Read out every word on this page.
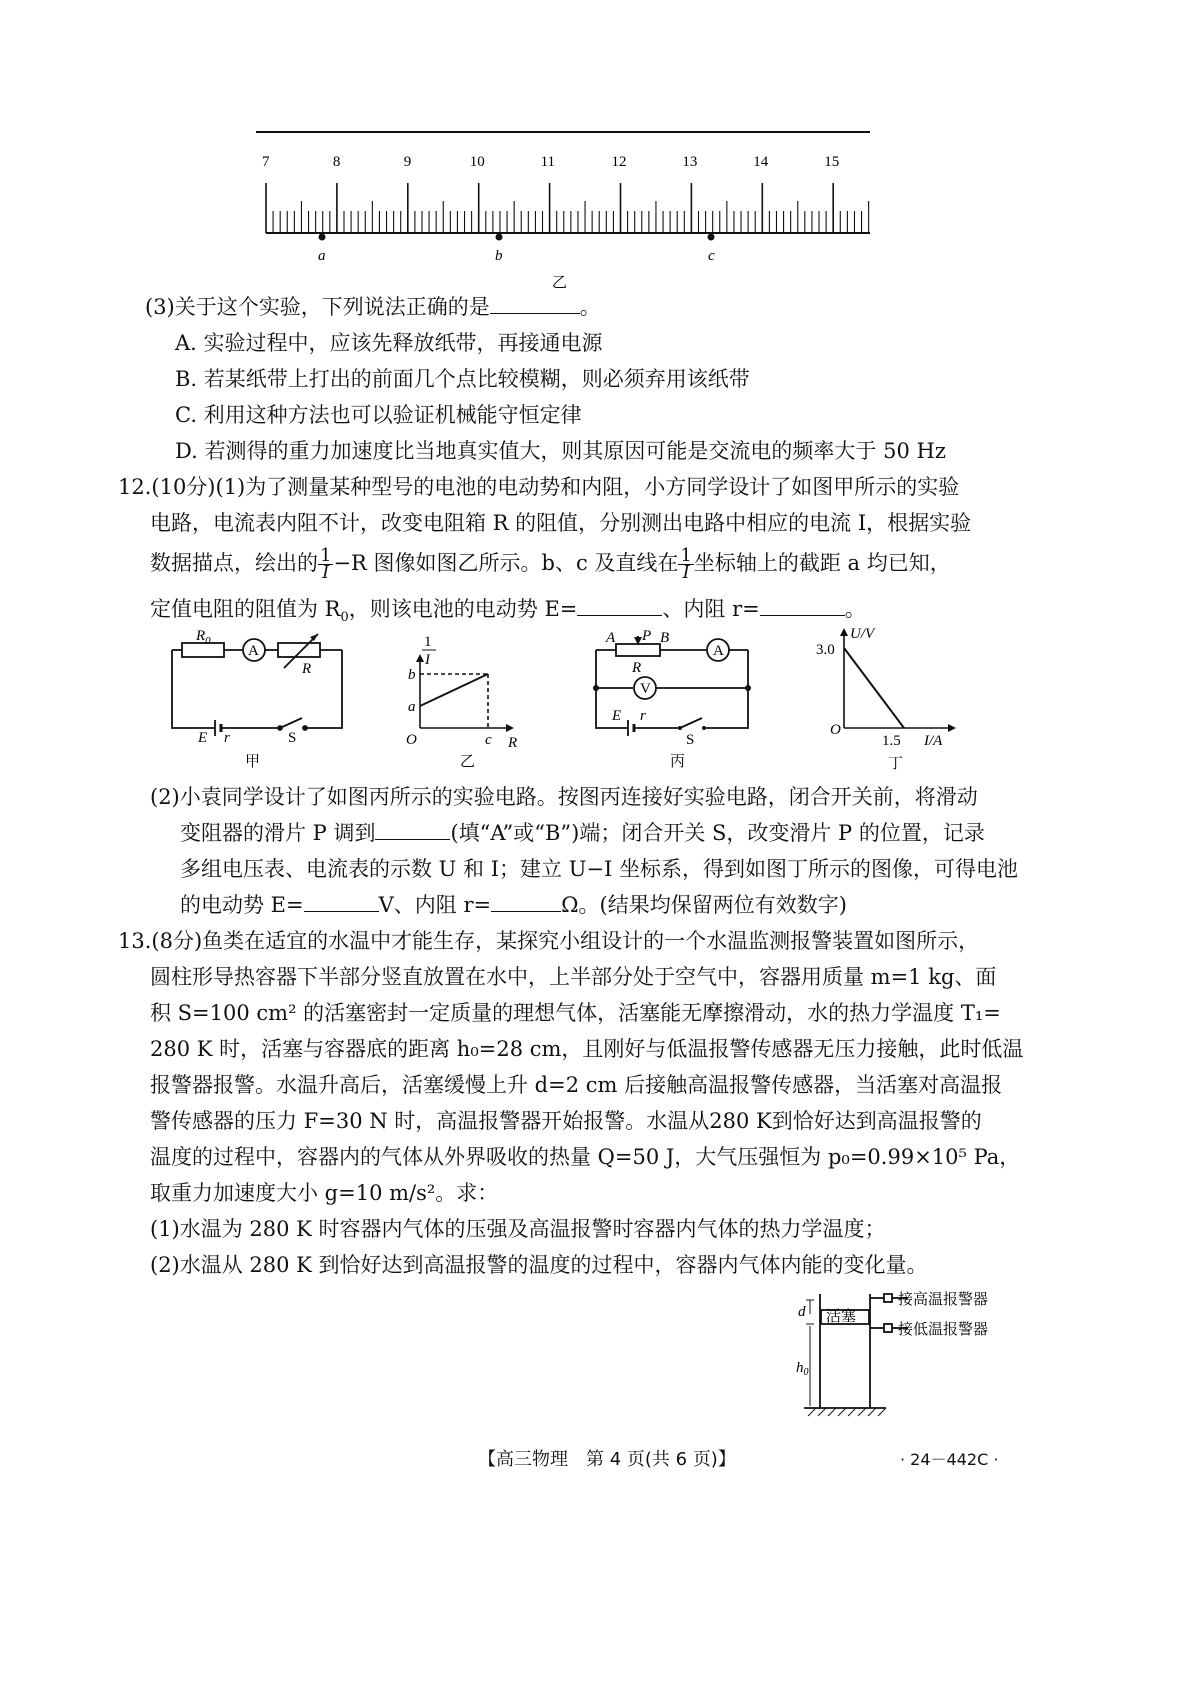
7	8	9	10	11	12	13	14	15
a	b	c
乙
(3)关于这个实验，下列说法正确的是	。
A. 实验过程中，应该先释放纸带，再接通电源
B. 若某纸带上打出的前面几个点比较模糊，则必须弃用该纸带
C. 利用这种方法也可以验证机械能守恒定律
D. 若测得的重力加速度比当地真实值大，则其原因可能是交流电的频率大于 50 Hz
12.(10分)(1)为了测量某种型号的电池的电动势和内阻，小方同学设计了如图甲所示的实验
电路，电流表内阻不计，改变电阻箱 R 的阻值，分别测出电路中相应的电流 I，根据实验
数据描点，绘出的 $\frac{1}{I} -R$ 图像如图乙所示。b、c 及直线在 $\frac{1}{I}$ 坐标轴上的截距 a 均已知，
定值电阻的阻值为 $R_0$，则该电池的电动势 E=	、内阻 r=	。
$R_0$
A
R
E r	S
甲
1
I
b
a
O	c R
乙
A P B
R
A
V
E r
S
丙
U/V
3.0
O
1.5 I/A
丁
(2)小袁同学设计了如图丙所示的实验电路。按图丙连接好实验电路，闭合开关前，将滑动
变阻器的滑片 P 调到	(填“A”或“B”)端；闭合开关 S，改变滑片 P 的位置，记录
多组电压表、电流表的示数 U 和 I；建立 U−I 坐标系，得到如图丁所示的图像，可得电池
的电动势 E=	V、内阻 r=	Ω。(结果均保留两位有效数字)
13.(8分)鱼类在适宜的水温中才能生存，某探究小组设计的一个水温监测报警装置如图所示，
圆柱形导热容器下半部分竖直放置在水中，上半部分处于空气中，容器用质量 m=1 kg、面
积 S=100 cm² 的活塞密封一定质量的理想气体，活塞能无摩擦滑动，水的热力学温度 T₁=
280 K 时，活塞与容器底的距离 h₀=28 cm，且刚好与低温报警传感器无压力接触，此时低温
报警器报警。水温升高后，活塞缓慢上升 d=2 cm 后接触高温报警传感器，当活塞对高温报
警传感器的压力 F=30 N 时，高温报警器开始报警。水温从280 K到恰好达到高温报警的
温度的过程中，容器内的气体从外界吸收的热量 Q=50 J，大气压强恒为 p₀=0.99×10⁵ Pa，
取重力加速度大小 g=10 m/s²。求：
(1)水温为 280 K 时容器内气体的压强及高温报警时容器内气体的热力学温度；
(2)水温从 280 K 到恰好达到高温报警的温度的过程中，容器内气体内能的变化量。
活塞
d
$h_0$
接高温报警器
接低温报警器
【高三物理　第 4 页(共 6 页)】	· 24－442C ·
